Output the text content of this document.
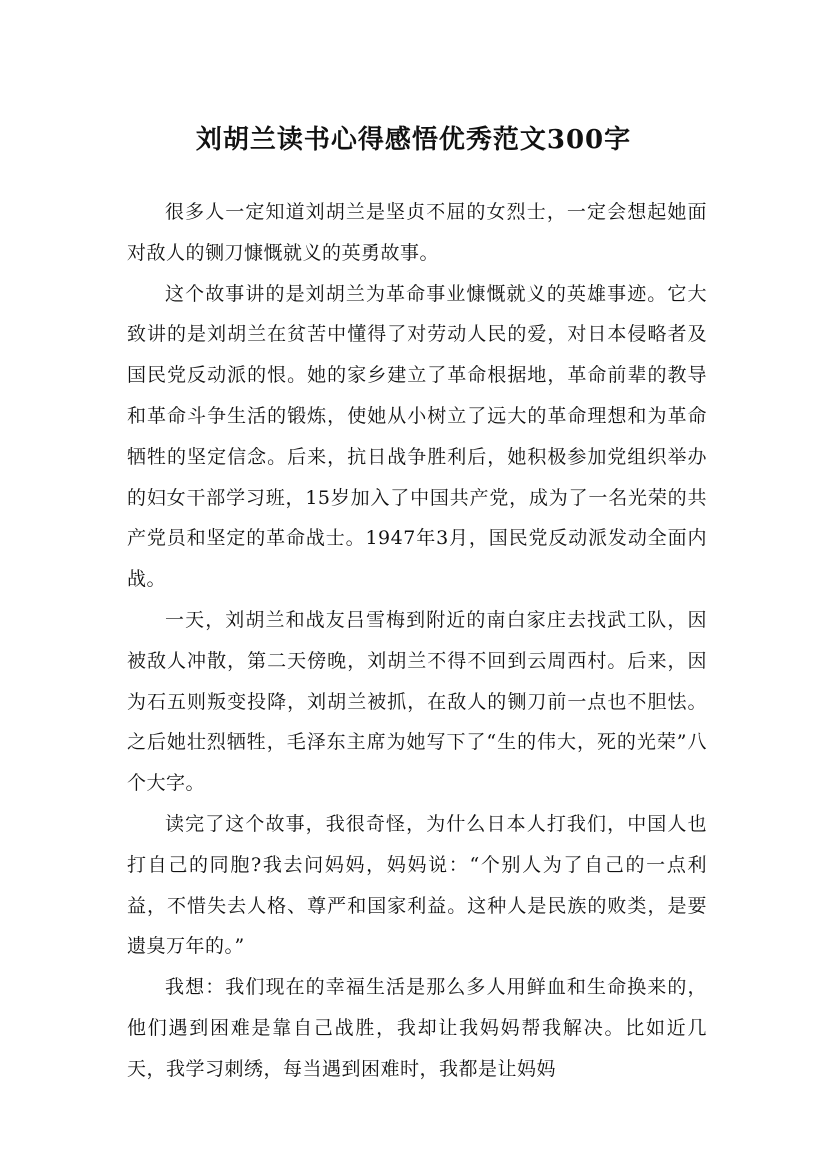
刘胡兰读书心得感悟优秀范文300字

很多人一定知道刘胡兰是坚贞不屈的女烈士，一定会想起她面对敌人的铡刀慷慨就义的英勇故事。

这个故事讲的是刘胡兰为革命事业慷慨就义的英雄事迹。它大致讲的是刘胡兰在贫苦中懂得了对劳动人民的爱，对日本侵略者及国民党反动派的恨。她的家乡建立了革命根据地，革命前辈的教导和革命斗争生活的锻炼，使她从小树立了远大的革命理想和为革命牺牲的坚定信念。后来，抗日战争胜利后，她积极参加党组织举办的妇女干部学习班，15岁加入了中国共产党，成为了一名光荣的共产党员和坚定的革命战士。1947年3月，国民党反动派发动全面内战。

一天，刘胡兰和战友吕雪梅到附近的南白家庄去找武工队，因被敌人冲散，第二天傍晚，刘胡兰不得不回到云周西村。后来，因为石五则叛变投降，刘胡兰被抓，在敌人的铡刀前一点也不胆怯。之后她壮烈牺牲，毛泽东主席为她写下了“生的伟大，死的光荣”八个大字。

读完了这个故事，我很奇怪，为什么日本人打我们，中国人也打自己的同胞?我去问妈妈，妈妈说：“个别人为了自己的一点利益，不惜失去人格、尊严和国家利益。这种人是民族的败类，是要遗臭万年的。”

我想：我们现在的幸福生活是那么多人用鲜血和生命换来的，他们遇到困难是靠自己战胜，我却让我妈妈帮我解决。比如近几天，我学习刺绣，每当遇到困难时，我都是让妈妈
